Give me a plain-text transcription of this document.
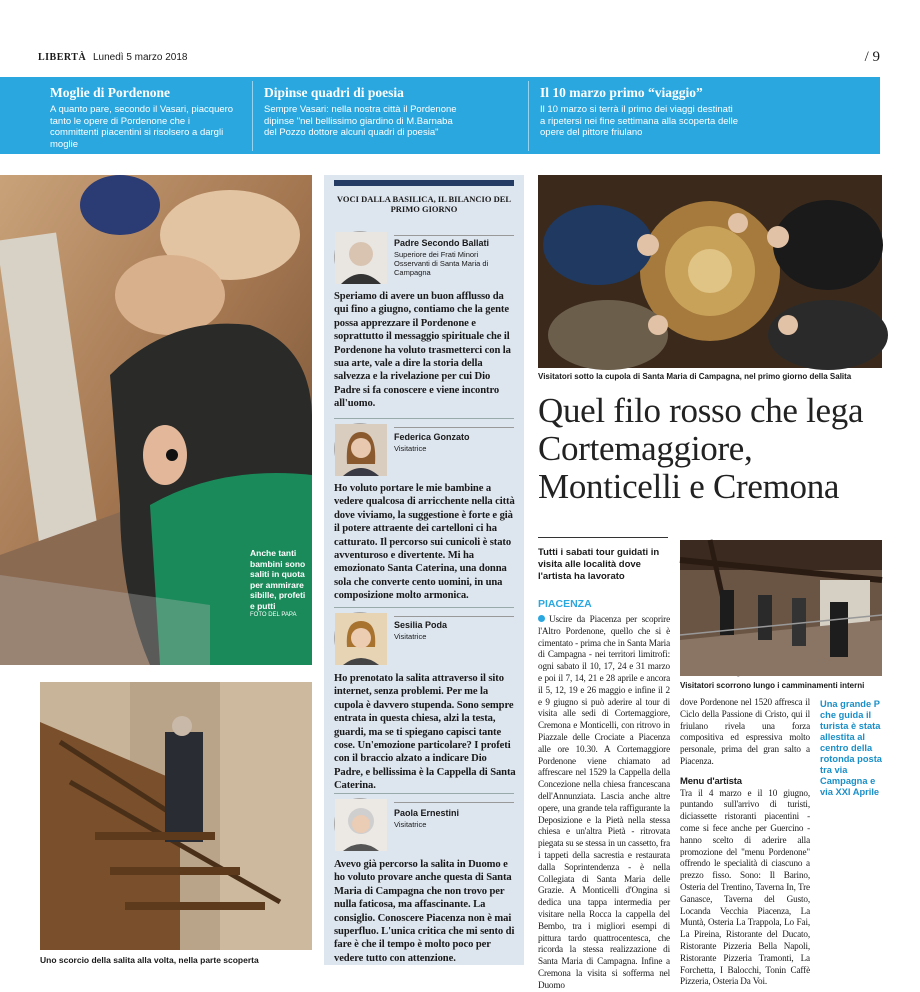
LIBERTÀ Lunedì 5 marzo 2018	/ 9
Moglie di Pordenone
A quanto pare, secondo il Vasari, piacquero tanto le opere di Pordenone che i committenti piacentini si risolsero a dargli moglie
Dipinse quadri di poesia
Sempre Vasari: nella nostra città il Pordenone dipinse "nel bellissimo giardino di M.Barnaba del Pozzo dottore alcuni quadri di poesia"
Il 10 marzo primo “viaggio”
Il 10 marzo si terrà il primo dei viaggi destinati a ripetersi nei fine settimana alla scoperta delle opere del pittore friulano
Anche tanti bambini sono saliti in quota per ammirare sibille, profeti e putti
FOTO DEL PAPA
Uno scorcio della salita alla volta, nella parte scoperta
VOCI DALLA BASILICA, IL BILANCIO DEL PRIMO GIORNO
Padre Secondo Ballati
Superiore dei Frati Minori Osservanti di Santa Maria di Campagna
Speriamo di avere un buon afflusso da qui fino a giugno, contiamo che la gente possa apprezzare il Pordenone e soprattutto il messaggio spirituale che il Pordenone ha voluto trasmetterci con la sua arte, vale a dire la storia della salvezza e la rivelazione per cui Dio Padre si fa conoscere e viene incontro all'uomo.
Federica Gonzato
Visitatrice
Ho voluto portare le mie bambine a vedere qualcosa di arricchente nella città dove viviamo, la suggestione è forte e già il potere attraente dei cartelloni ci ha catturato. Il percorso sui cunicoli è stato avventuroso e divertente. Mi ha emozionato Santa Caterina, una donna sola che converte cento uomini, in una composizione molto armonica.
Sesilia Poda
Visitatrice
Ho prenotato la salita attraverso il sito internet, senza problemi. Per me la cupola è davvero stupenda. Sono sempre entrata in questa chiesa, alzi la testa, guardi, ma se ti spiegano capisci tante cose. Un'emozione particolare? I profeti con il braccio alzato a indicare Dio Padre, e bellissima è la Cappella di Santa Caterina.
Paola Ernestini
Visitatrice
Avevo già percorso la salita in Duomo e ho voluto provare anche questa di Santa Maria di Campagna che non trovo per nulla faticosa, ma affascinante. La consiglio. Conoscere Piacenza non è mai superfluo. L'unica critica che mi sento di fare è che il tempo è molto poco per vedere tutto con attenzione.
Visitatori sotto la cupola di Santa Maria di Campagna, nel primo giorno della Salita
Quel filo rosso che lega Cortemaggiore, Monticelli e Cremona
Tutti i sabati tour guidati in visita alle località dove l'artista ha lavorato
PIACENZA
Uscire da Piacenza per scoprire l'Altro Pordenone, quello che si è cimentato - prima che in Santa Maria di Campagna - nei territori limitrofi: ogni sabato il 10, 17, 24 e 31 marzo e poi il 7, 14, 21 e 28 aprile e ancora il 5, 12, 19 e 26 maggio e infine il 2 e 9 giugno si può aderire al tour di visita alle sedi di Cortemaggiore, Cremona e Monticelli, con ritrovo in Piazzale delle Crociate a Piacenza alle ore 10.30. A Cortemaggiore Pordenone viene chiamato ad affrescare nel 1529 la Cappella della Concezione nella chiesa francescana dell'Annunziata. Lascia anche altre opere, una grande tela raffigurante la Deposizione e la Pietà nella stessa chiesa e un'altra Pietà - ritrovata piegata su se stessa in un cassetto, fra i tappeti della sacrestia e restaurata dalla Soprintendenza - è nella Collegiata di Santa Maria delle Grazie. A Monticelli d'Ongina si dedica una tappa intermedia per visitare nella Rocca la cappella del Bembo, tra i migliori esempi di pittura tardo quattrocentesca, che ricorda la stessa realizzazione di Santa Maria di Campagna. Infine a Cremona la visita si sofferma nel Duomo
Visitatori scorrono lungo i camminamenti interni
dove Pordenone nel 1520 affresca il Ciclo della Passione di Cristo, qui il friulano rivela una forza compositiva ed espressiva molto personale, prima del gran salto a Piacenza.
Menu d'artista
Tra il 4 marzo e il 10 giugno, puntando sull'arrivo di turisti, diciassette ristoranti piacentini - come si fece anche per Guercino - hanno scelto di aderire alla promozione del "menu Pordenone" offrendo le specialità di ciascuno a prezzo fisso. Sono: Il Barino, Osteria del Trentino, Taverna In, Tre Ganasce, Taverna del Gusto, Locanda Vecchia Piacenza, La Muntà, Osteria La Trappola, Lo Fai, La Pireina, Ristorante del Ducato, Ristorante Pizzeria Bella Napoli, Ristorante Pizzeria Tramonti, La Forchetta, I Balocchi, Tonin Caffè Pizzeria, Osteria Da Voi.
Una grande P che guida il turista è stata allestita al centro della rotonda posta tra via Campagna e via XXI Aprile
